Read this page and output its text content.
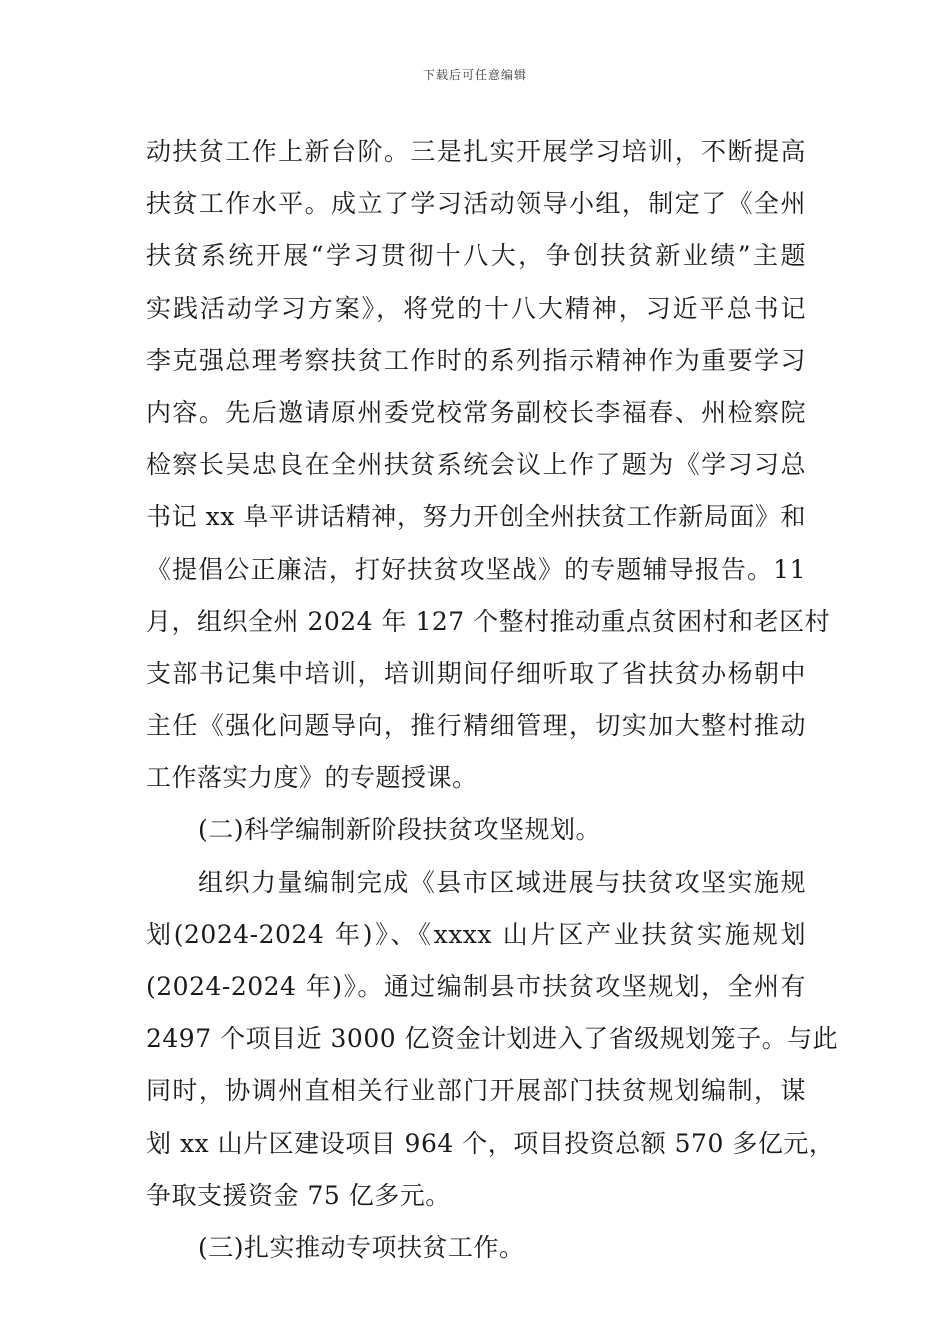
下载后可任意编辑
动扶贫工作上新台阶。三是扎实开展学习培训，不断提高
扶贫工作水平。成立了学习活动领导小组，制定了《全州
扶贫系统开展“学习贯彻十八大，争创扶贫新业绩”主题
实践活动学习方案》，将党的十八大精神，习近平总书记
李克强总理考察扶贫工作时的系列指示精神作为重要学习
内容。先后邀请原州委党校常务副校长李福春、州检察院
检察长吴忠良在全州扶贫系统会议上作了题为《学习习总
书记 xx 阜平讲话精神，努力开创全州扶贫工作新局面》和
《提倡公正廉洁，打好扶贫攻坚战》的专题辅导报告。11
月，组织全州 2024 年 127 个整村推动重点贫困村和老区村
支部书记集中培训，培训期间仔细听取了省扶贫办杨朝中
主任《强化问题导向，推行精细管理，切实加大整村推动
工作落实力度》的专题授课。
(二)科学编制新阶段扶贫攻坚规划。
组织力量编制完成《县市区域进展与扶贫攻坚实施规
划(2024-2024 年)》、《xxxx 山片区产业扶贫实施规划
(2024-2024 年)》。通过编制县市扶贫攻坚规划，全州有
2497 个项目近 3000 亿资金计划进入了省级规划笼子。与此
同时，协调州直相关行业部门开展部门扶贫规划编制，谋
划 xx 山片区建设项目 964 个，项目投资总额 570 多亿元，
争取支援资金 75 亿多元。
(三)扎实推动专项扶贫工作。
